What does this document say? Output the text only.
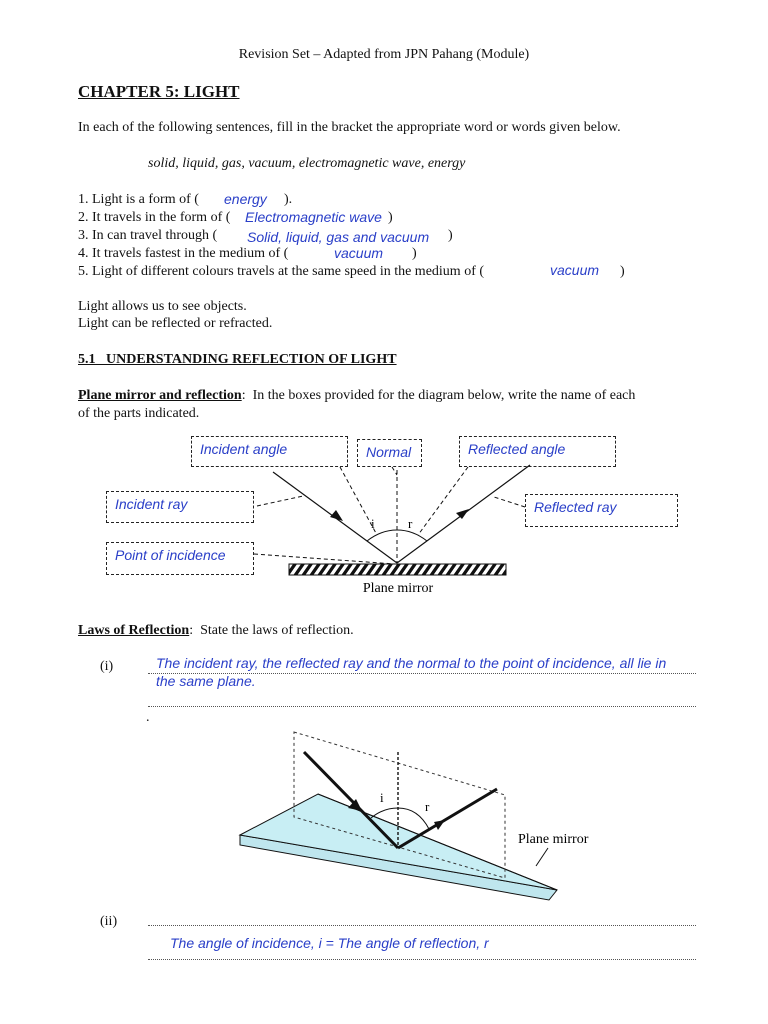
Revision Set – Adapted from JPN Pahang (Module)
CHAPTER 5: LIGHT
In each of the following sentences, fill in the bracket the appropriate word or words given below.
solid, liquid, gas, vacuum, electromagnetic wave, energy
1. Light is a form of ( energy ).
2. It travels in the form of ( Electromagnetic wave )
3. In can travel through ( Solid, liquid, gas and vacuum )
4. It travels fastest in the medium of (	vacuum )
5. Light of different colours travels at the same speed in the medium of (	vacuum )
Light allows us to see objects.
Light can be reflected or refracted.
5.1   UNDERSTANDING REFLECTION OF LIGHT
Plane mirror and reflection:  In the boxes provided for the diagram below, write the name of each
of the parts indicated.
i	r
Plane mirror
Incident angle	Normal	Reflected angle
Incident ray	Reflected ray
Point of incidence
Laws of Reflection:  State the laws of reflection.
(i)	The incident ray, the reflected ray and the normal to the point of incidence, all lie in
the same plane.
.
i
r
Plane mirror
(ii)
The angle of incidence, i = The angle of reflection, r
